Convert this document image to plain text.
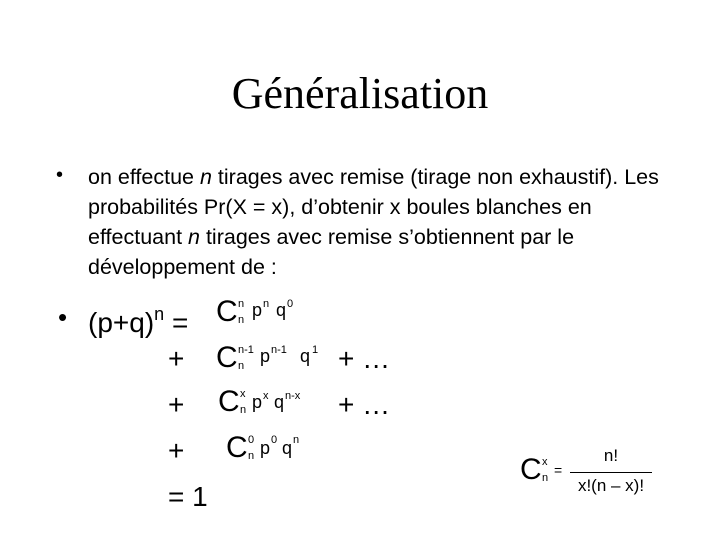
Généralisation
• on effectue n tirages avec remise (tirage non exhaustif). Les probabilités Pr(X = x), d’obtenir x boules blanches en effectuant n tirages avec remise s’obtiennent par le développement de :

• $(p+q)^n = C$ n
n p n q 0
+ C n-1
n p n-1 q 1 + …
+ C x
n p x q n-x + …
+ C 0
n p 0 q n
= 1
C x
n =
n!
x!(n – x)!
